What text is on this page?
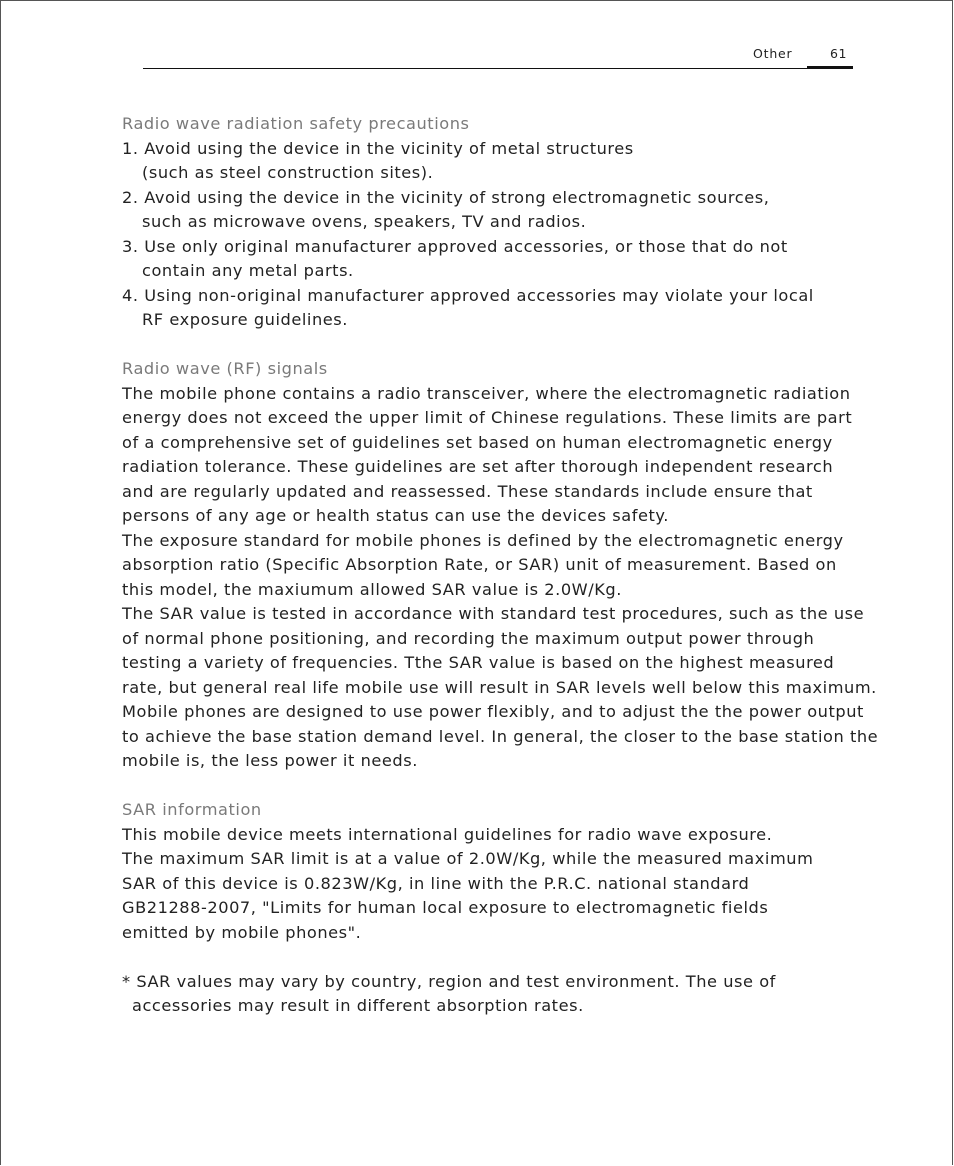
Other	61
Radio wave radiation safety precautions
1. Avoid using the device in the vicinity of metal structures
(such as steel construction sites).
2. Avoid using the device in the vicinity of strong electromagnetic sources,
such as microwave ovens, speakers, TV and radios.
3. Use only original manufacturer approved accessories, or those that do not
contain any metal parts.
4. Using non-original manufacturer approved accessories may violate your local
RF exposure guidelines.
Radio wave (RF) signals
The mobile phone contains a radio transceiver, where the electromagnetic radiation
energy does not exceed the upper limit of Chinese regulations. These limits are part
of a comprehensive set of guidelines set based on human electromagnetic energy
radiation tolerance. These guidelines are set after thorough independent research
and are regularly updated and reassessed. These standards include ensure that
persons of any age or health status can use the devices safety.
The exposure standard for mobile phones is defined by the electromagnetic energy
absorption ratio (Specific Absorption Rate, or SAR) unit of measurement. Based on
this model, the maxiumum allowed SAR value is 2.0W/Kg.
The SAR value is tested in accordance with standard test procedures, such as the use
of normal phone positioning, and recording the maximum output power through
testing a variety of frequencies. Tthe SAR value is based on the highest measured
rate, but general real life mobile use will result in SAR levels well below this maximum.
Mobile phones are designed to use power flexibly, and to adjust the the power output
to achieve the base station demand level. In general, the closer to the base station the
mobile is, the less power it needs.
SAR information
This mobile device meets international guidelines for radio wave exposure.
The maximum SAR limit is at a value of 2.0W/Kg, while the measured maximum
SAR of this device is 0.823W/Kg, in line with the P.R.C. national standard
GB21288-2007, "Limits for human local exposure to electromagnetic fields
emitted by mobile phones".
* SAR values may vary by country, region and test environment. The use of
accessories may result in different absorption rates.
